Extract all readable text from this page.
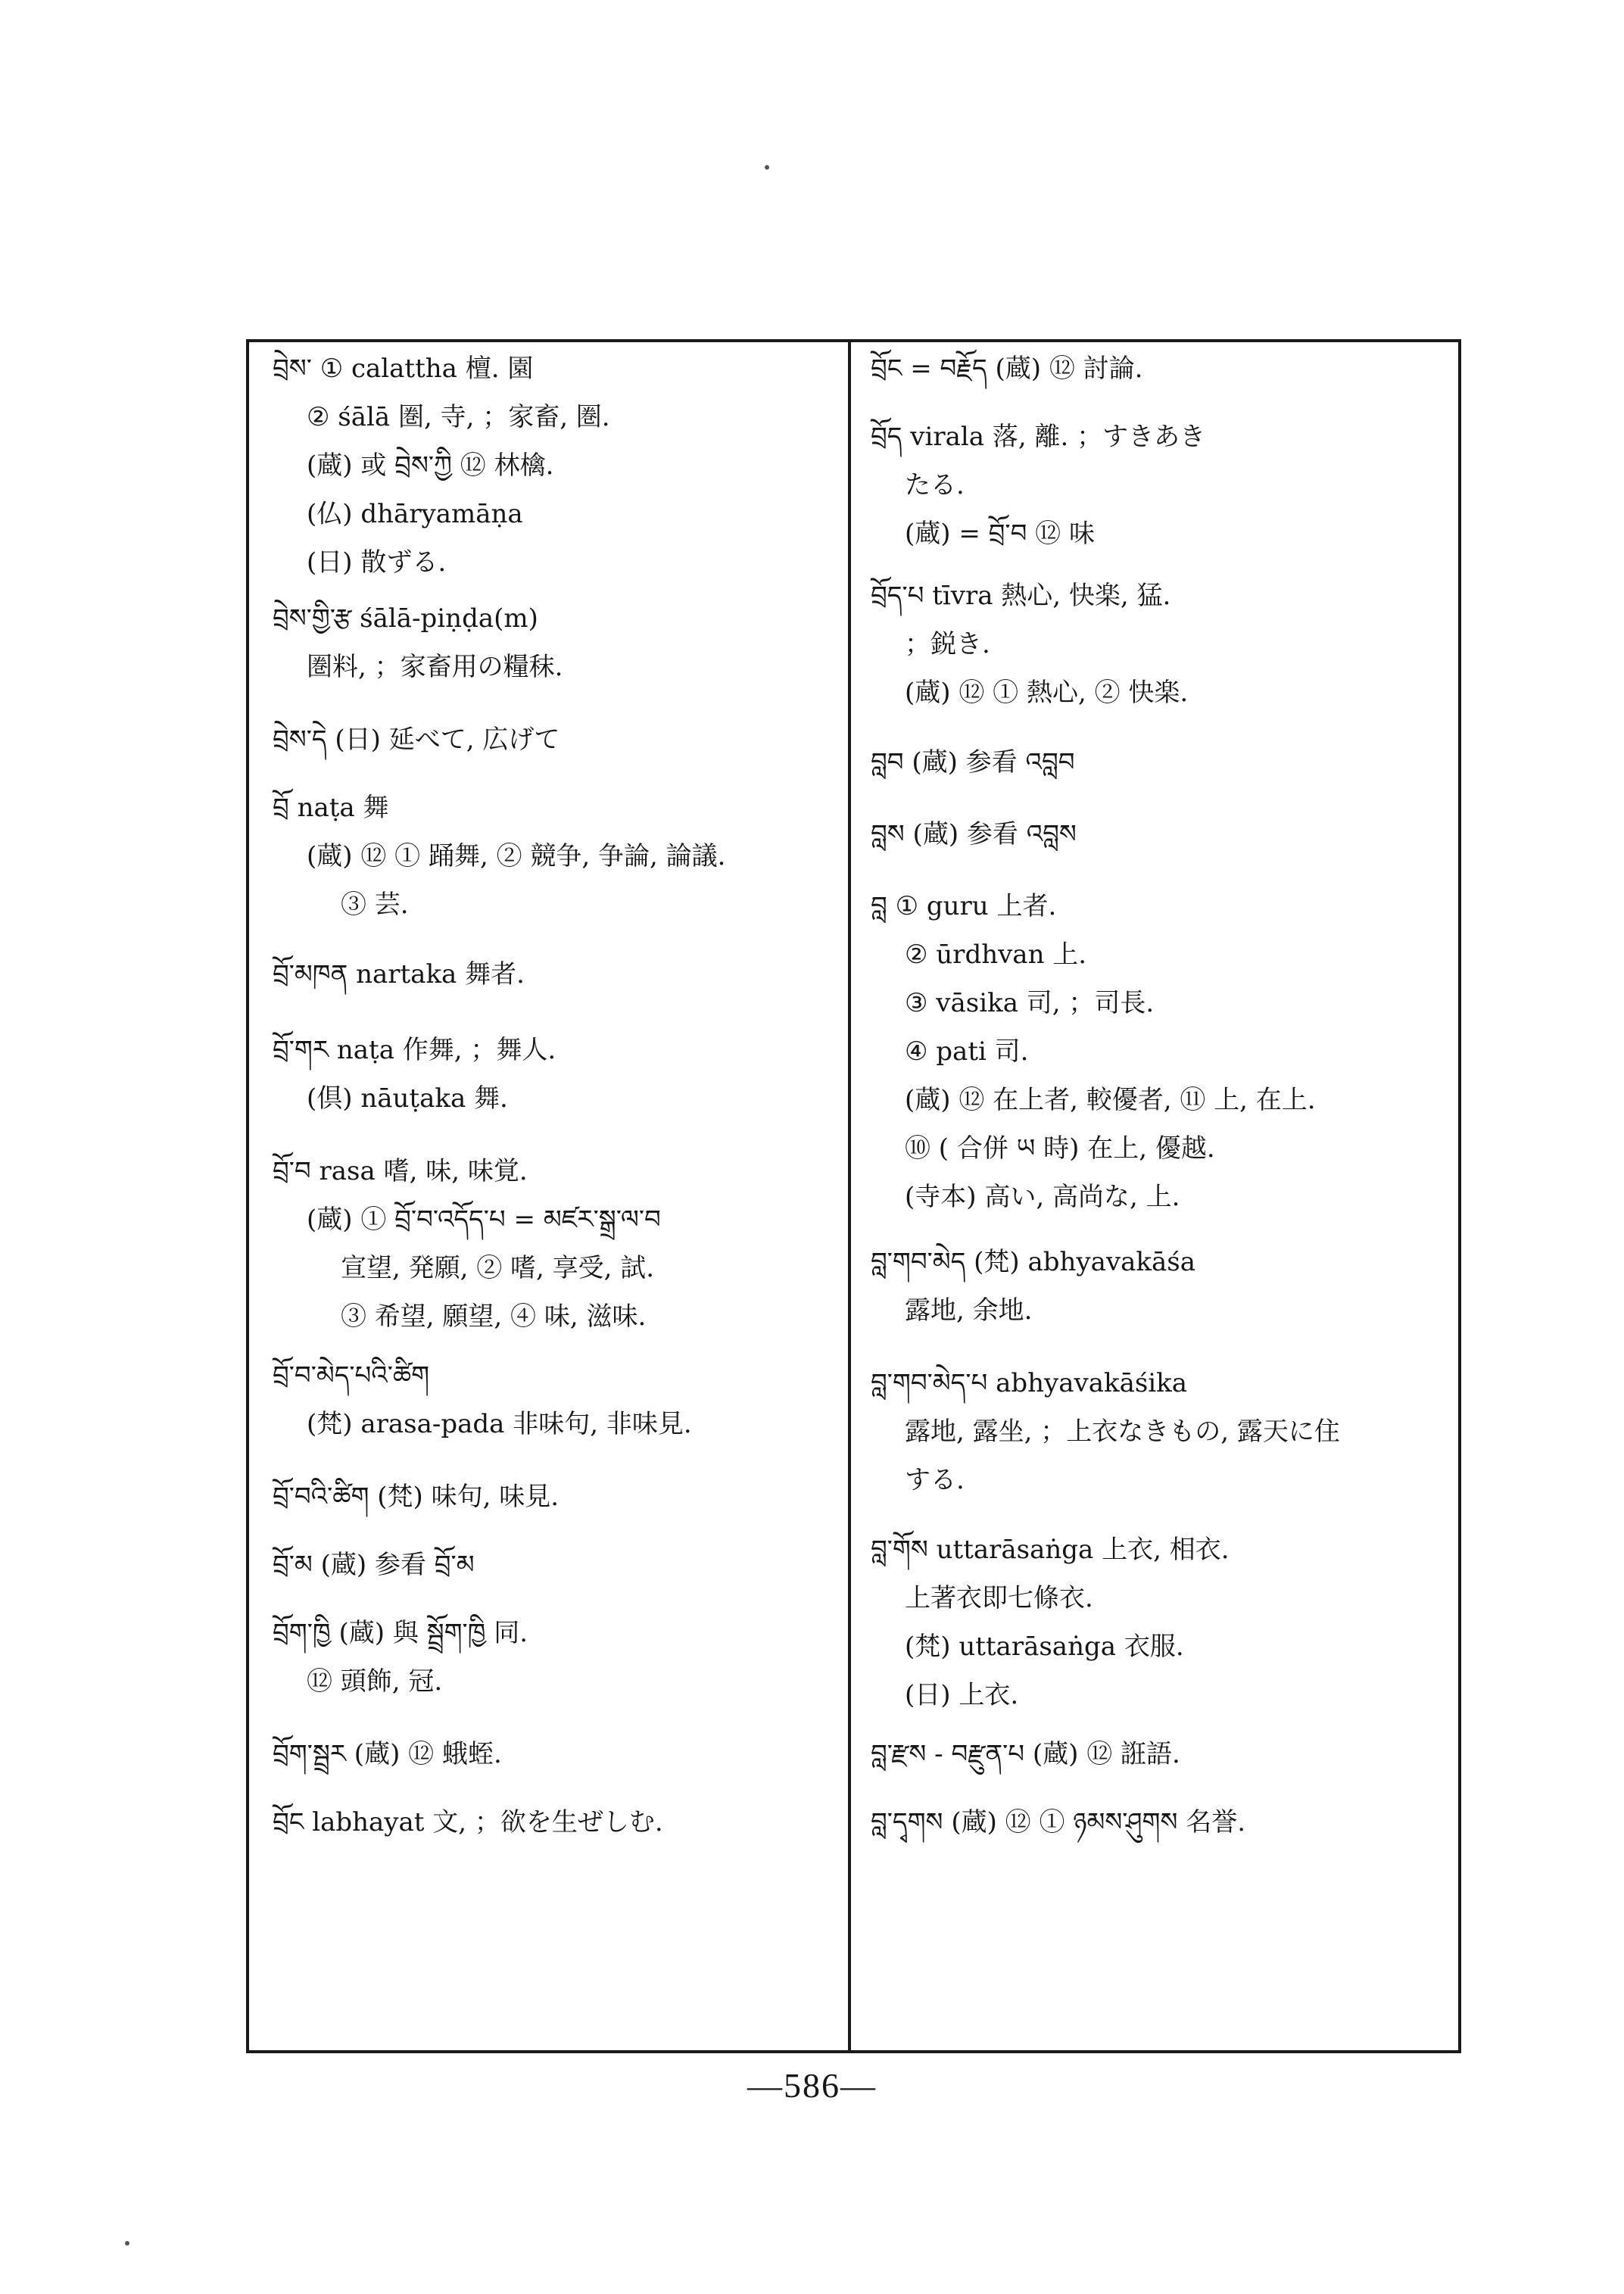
བྲེས་ ① calattha 檀. 園
② śālā 圏, 寺, ；家畜, 圏.
(蔵) 或 བྲེས་ཀྱི ⑫ 林檎.
(仏) dhāryamāṇa
(日) 散ずる.
བྲེས་གྱི་རྩ śālā-piṇḍa(m)
圏料, ；家畜用の糧秣.
བྲེས་དེ (日) 延べて, 広げて
བྲོ naṭa 舞
(蔵) ⑫ ① 踊舞, ② 競争, 争論, 論議.
③ 芸.
བྲོ་མཁན nartaka 舞者.
བྲོ་གར naṭa 作舞, ；舞人.
(倶) nāuṭaka 舞.
བྲོ་བ rasa 嗜, 味, 味覚.
(蔵) ① བྲོ་བ་འདོད་པ = མཛར་སྒྲ་ལ་བ
宣望, 発願, ② 嗜, 享受, 試.
③ 希望, 願望, ④ 味, 滋味.
བྲོ་བ་མེད་པའི་ཚིག
(梵) arasa-pada 非味句, 非味見.
བྲོ་བའི་ཚིག (梵) 味句, 味見.
བྲོ་མ (蔵) 参看 བྲོ་མ
བྲོག་ཁྱི (蔵) 與 སྦྲོག་ཁྱི 同.
⑫ 頭飾, 冠.
བྲོག་སྦྲར (蔵) ⑫ 蛾蛭.
བྲོང labhayat 文, ；欲を生ぜしむ.
བྲོང = བརྗོད (蔵) ⑫ 討論.
བྲོད virala 落, 離. ；すきあき
たる.
(蔵) = བྲོ་བ ⑫ 味
བྲོད་པ tīvra 熱心, 快楽, 猛.
；鋭き.
(蔵) ⑫ ① 熱心, ② 快楽.
བླབ (蔵) 参看 འབླབ
བླས (蔵) 参看 འབླས
བླ ① guru 上者.
② ūrdhvan 上.
③ vāsika 司, ；司長.
④ pati 司.
(蔵) ⑫ 在上者, 較優者, ⑪ 上, 在上.
⑩ ( 合併 ཡ 時) 在上, 優越.
(寺本) 高い, 高尚な, 上.
བླ་གབ་མེད (梵) abhyavakāśa
露地, 余地.
བླ་གབ་མེད་པ abhyavakāśika
露地, 露坐, ；上衣なきもの, 露天に住
する.
བླ་གོས uttarāsaṅga 上衣, 相衣.
上著衣即七條衣.
(梵) uttarāsaṅga 衣服.
(日) 上衣.
བླ་རྫས - བརྫུན་པ (蔵) ⑫ 誑語.
བླ་དྭགས (蔵) ⑫ ① ཉམས་ཤུགས 名誉.
—586—
